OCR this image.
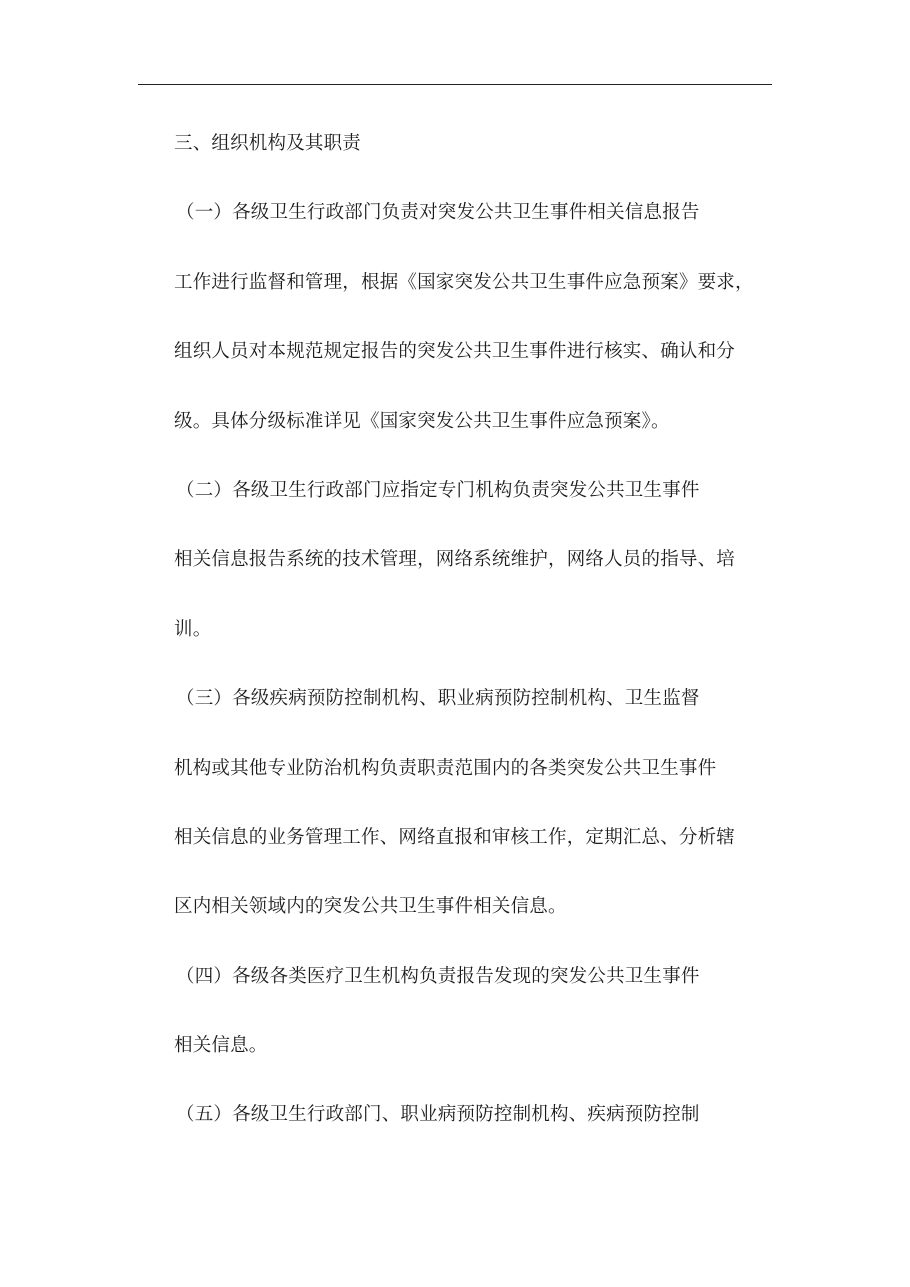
三、组织机构及其职责
（一）各级卫生行政部门负责对突发公共卫生事件相关信息报告
工作进行监督和管理，根据《国家突发公共卫生事件应急预案》要求，
组织人员对本规范规定报告的突发公共卫生事件进行核实、确认和分
级。具体分级标准详见《国家突发公共卫生事件应急预案》。
（二）各级卫生行政部门应指定专门机构负责突发公共卫生事件
相关信息报告系统的技术管理，网络系统维护，网络人员的指导、培
训。
（三）各级疾病预防控制机构、职业病预防控制机构、卫生监督
机构或其他专业防治机构负责职责范围内的各类突发公共卫生事件
相关信息的业务管理工作、网络直报和审核工作，定期汇总、分析辖
区内相关领域内的突发公共卫生事件相关信息。
（四）各级各类医疗卫生机构负责报告发现的突发公共卫生事件
相关信息。
（五）各级卫生行政部门、职业病预防控制机构、疾病预防控制
